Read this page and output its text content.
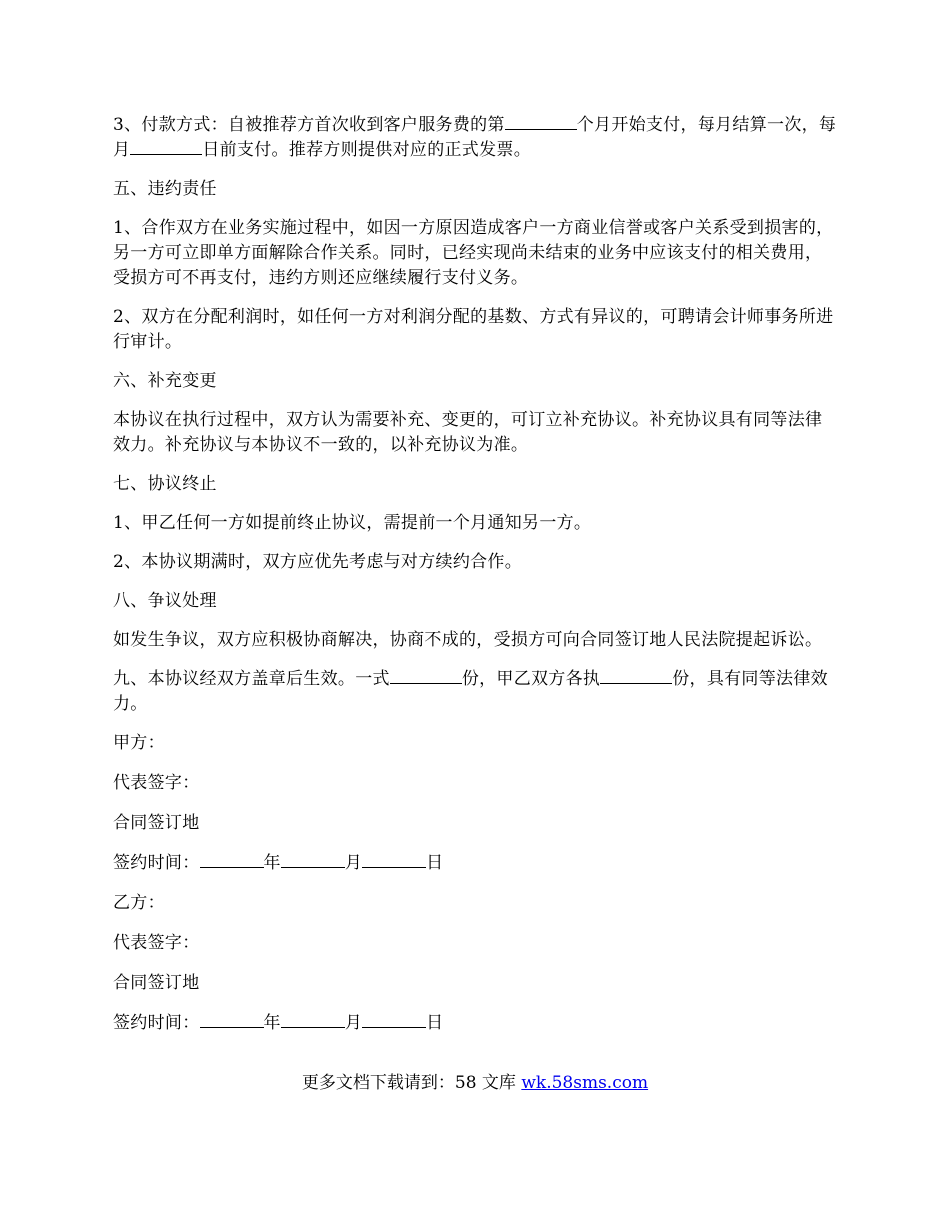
3、付款方式：自被推荐方首次收到客户服务费的第	个月开始支付，每月结算一次，每月	日前支付。推荐方则提供对应的正式发票。

五、违约责任

1、合作双方在业务实施过程中，如因一方原因造成客户一方商业信誉或客户关系受到损害的，另一方可立即单方面解除合作关系。同时，已经实现尚未结束的业务中应该支付的相关费用，受损方可不再支付，违约方则还应继续履行支付义务。

2、双方在分配利润时，如任何一方对利润分配的基数、方式有异议的，可聘请会计师事务所进行审计。

六、补充变更

本协议在执行过程中，双方认为需要补充、变更的，可订立补充协议。补充协议具有同等法律效力。补充协议与本协议不一致的，以补充协议为准。

七、协议终止

1、甲乙任何一方如提前终止协议，需提前一个月通知另一方。

2、本协议期满时，双方应优先考虑与对方续约合作。

八、争议处理

如发生争议，双方应积极协商解决，协商不成的，受损方可向合同签订地人民法院提起诉讼。

九、本协议经双方盖章后生效。一式	份，甲乙双方各执	份，具有同等法律效力。

甲方：

代表签字：

合同签订地

签约时间：	年	月	日

乙方：

代表签字：

合同签订地

签约时间：	年	月	日

更多文档下载请到：58 文库 wk.58sms.com
